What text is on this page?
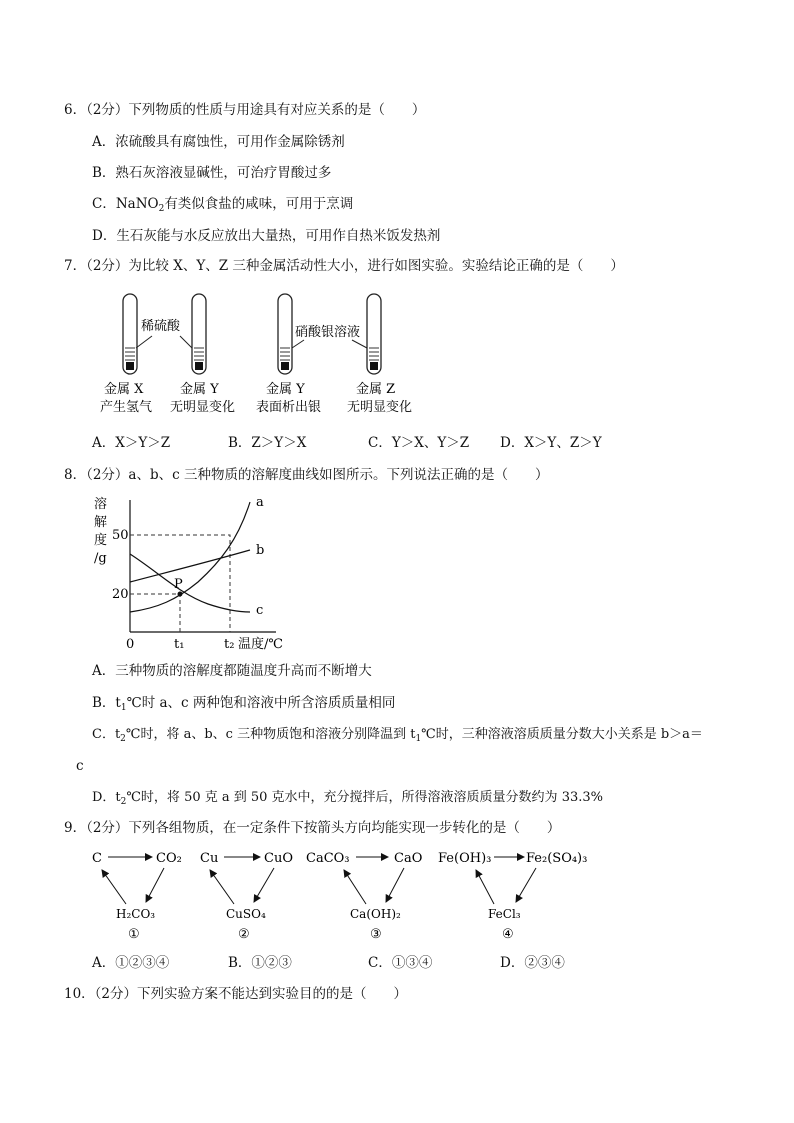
6．（2分）下列物质的性质与用途具有对应关系的是（　　）
A．浓硫酸具有腐蚀性，可用作金属除锈剂
B．熟石灰溶液显碱性，可治疗胃酸过多
C．NaNO$_2$有类似食盐的咸味，可用于烹调
D．生石灰能与水反应放出大量热，可用作自热米饭发热剂
7．（2分）为比较 X、Y、Z 三种金属活动性大小，进行如图实验。实验结论正确的是（　　）
稀硫酸	硝酸银溶液
金属 X
产生氢气
金属 Y
无明显变化
金属 Y
表面析出银
金属 Z
无明显变化
A．X＞Y＞Z	B．Z＞Y＞X	C．Y＞X、Y＞Z D．X＞Y、Z＞Y
8．（2分）a、b、c 三种物质的溶解度曲线如图所示。下列说法正确的是（　　）
溶
解
度
/g
50
20
0	t₁	t₂ 温度/℃
P
a
b
c
A．三种物质的溶解度都随温度升高而不断增大
B．$t_1℃$时 a、c 两种饱和溶液中所含溶质质量相同
C．$t_2℃$时，将 a、b、c 三种物质饱和溶液分别降温到 $t_1℃$时，三种溶液溶质质量分数大小关系是 b＞a＝
c
D．$t_2℃$时，将 50 克 a 到 50 克水中，充分搅拌后，所得溶液溶质质量分数约为 33.3%
9．（2分）下列各组物质，在一定条件下按箭头方向均能实现一步转化的是（　　）
C	CO₂
H₂CO₃
①
Cu	CuO
CuSO₄
②
CaCO₃	CaO
Ca(OH)₂
③
Fe(OH)₃	Fe₂(SO₄)₃
FeCl₃
④
A．①②③④	B．①②③	C．①③④	D．②③④
10．（2分）下列实验方案不能达到实验目的的是（　　）
